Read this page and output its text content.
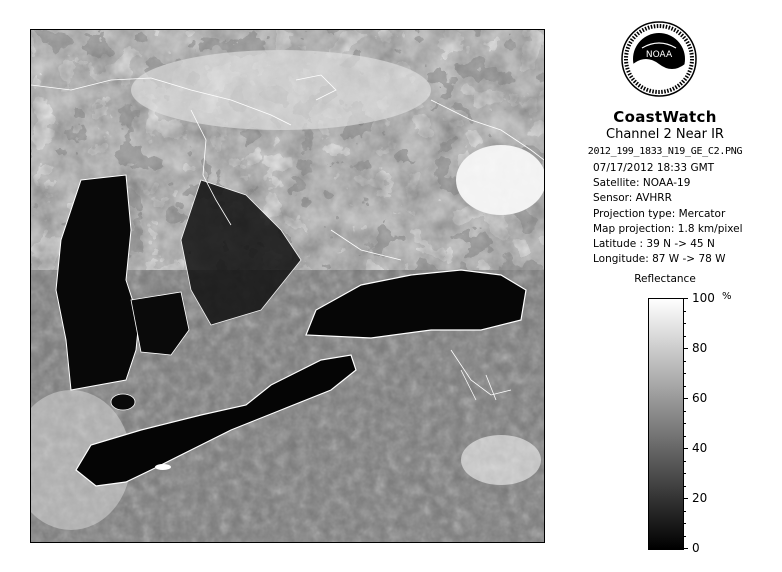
NOAA
CoastWatch
Channel 2 Near IR
2012_199_1833_N19_GE_C2.PNG
07/17/2012 18:33 GMT
Satellite: NOAA-19
Sensor: AVHRR
Projection type: Mercator
Map projection: 1.8 km/pixel
Latitude : 39 N -> 45 N
Longitude: 87 W -> 78 W
Reflectance
%
100
80
60
40
20
0
